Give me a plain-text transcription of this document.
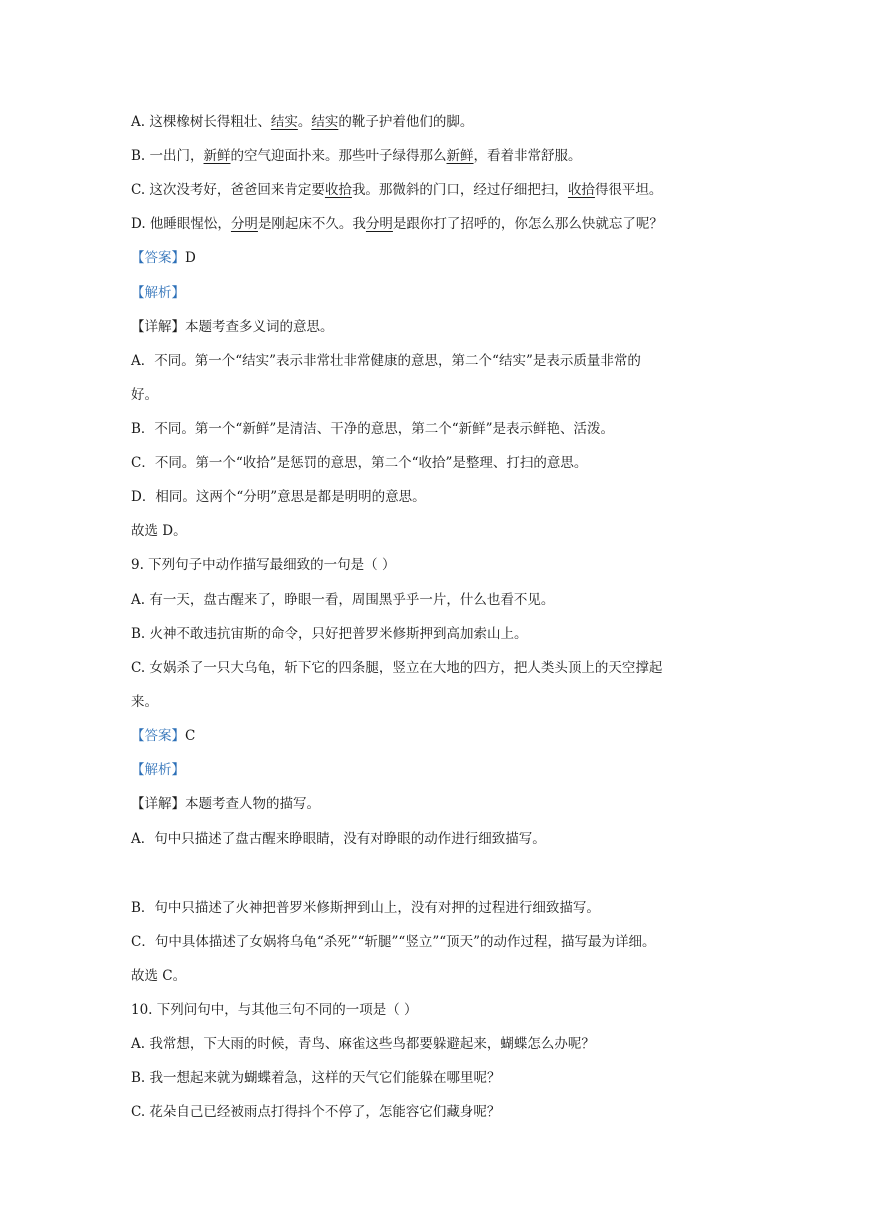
A. 这棵橡树长得粗壮、结实。结实的靴子护着他们的脚。
B. 一出门，新鲜的空气迎面扑来。那些叶子绿得那么新鲜，看着非常舒服。
C. 这次没考好，爸爸回来肯定要收拾我。那微斜的门口，经过仔细把扫，收拾得很平坦。
D. 他睡眼惺忪，分明是刚起床不久。我分明是跟你打了招呼的，你怎么那么快就忘了呢？
【答案】D
【解析】
【详解】本题考查多义词的意思。
A．不同。第一个“结实”表示非常壮非常健康的意思，第二个“结实”是表示质量非常的
好。
B．不同。第一个“新鲜”是清洁、干净的意思，第二个“新鲜”是表示鲜艳、活泼。
C．不同。第一个“收拾”是惩罚的意思，第二个“收拾”是整理、打扫的意思。
D．相同。这两个“分明”意思是都是明明的意思。
故选 D。
9. 下列句子中动作描写最细致的一句是（ ）
A. 有一天，盘古醒来了，睁眼一看，周围黑乎乎一片，什么也看不见。
B. 火神不敢违抗宙斯的命令，只好把普罗米修斯押到高加索山上。
C. 女娲杀了一只大乌龟，斩下它的四条腿，竖立在大地的四方，把人类头顶上的天空撑起
来。
【答案】C
【解析】
【详解】本题考查人物的描写。
A．句中只描述了盘古醒来睁眼睛，没有对睁眼的动作进行细致描写。
B．句中只描述了火神把普罗米修斯押到山上，没有对押的过程进行细致描写。
C．句中具体描述了女娲将乌龟“杀死”“斩腿”“竖立”“顶天”的动作过程，描写最为详细。
故选 C。
10. 下列问句中，与其他三句不同的一项是（ ）
A. 我常想，下大雨的时候，青鸟、麻雀这些鸟都要躲避起来，蝴蝶怎么办呢？
B. 我一想起来就为蝴蝶着急，这样的天气它们能躲在哪里呢？
C. 花朵自己已经被雨点打得抖个不停了，怎能容它们藏身呢？
